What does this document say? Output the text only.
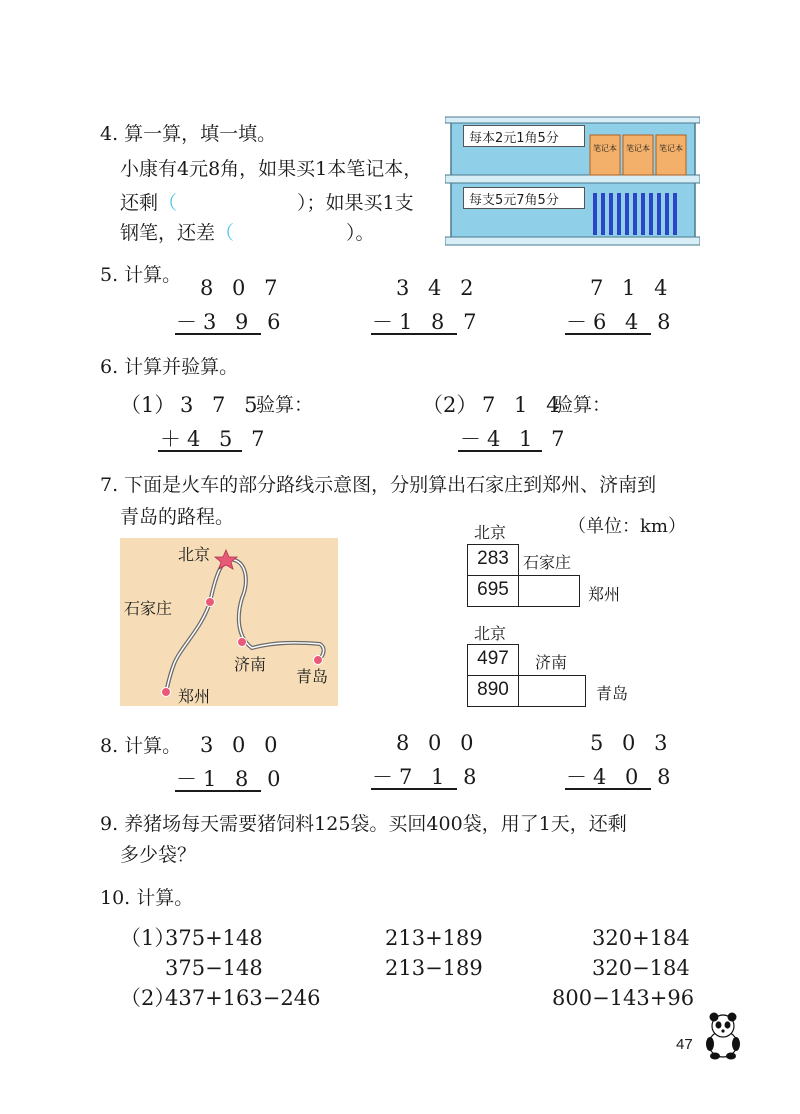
4. 算一算，填一填。
小康有4元8角，如果买1本笔记本，
还剩（	）；如果买1支
钢笔，还差（	）。
每本2元1角5分
每支5元7角5分
笔记本 笔记本 笔记本
5. 计算。
8 0 7
－3 9 6
3 4 2
－1 8 7
7 1 4
－6 4 8
6. 计算并验算。
（1） 3 7 5
验算：
＋4 5 7
（2） 7 1 4
验算：
－4 1 7
7. 下面是火车的部分路线示意图，分别算出石家庄到郑州、济南到
青岛的路程。
北京
石家庄
济南
青岛
郑州
（单位：km）
北京
283 石家庄
695	郑州
北京
497	济南
890	青岛
8. 计算。 3 0 0
－1 8 0
8 0 0
－7 1 8
5 0 3
－4 0 8
9. 养猪场每天需要猪饲料125袋。买回400袋，用了1天，还剩
多少袋？
10. 计算。
（1）
375+148	213+189	320+184
375−148	213−189	320−184
（2）
437+163−246	800−143+96
47
